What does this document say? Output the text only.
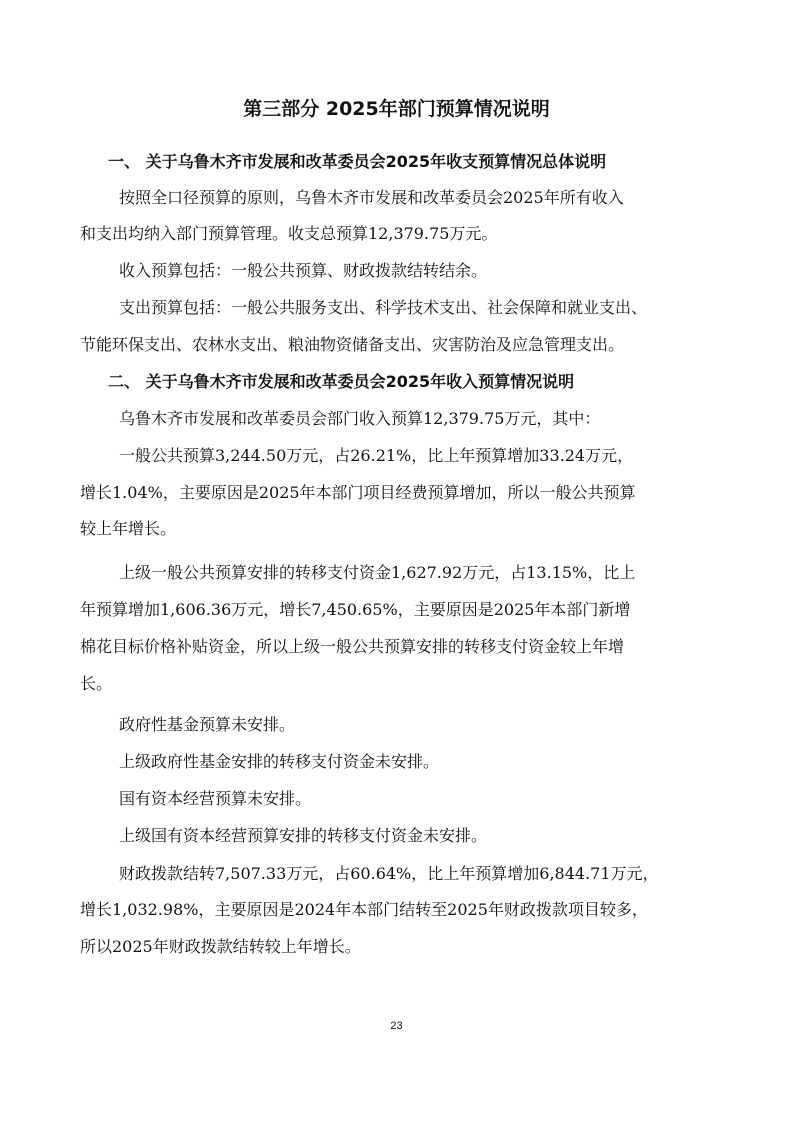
第三部分 2025年部门预算情况说明

一、 关于乌鲁木齐市发展和改革委员会2025年收支预算情况总体说明

按照全口径预算的原则，乌鲁木齐市发展和改革委员会2025年所有收入

和支出均纳入部门预算管理。收支总预算12,379.75万元。

收入预算包括：一般公共预算、财政拨款结转结余。

支出预算包括：一般公共服务支出、科学技术支出、社会保障和就业支出、

节能环保支出、农林水支出、粮油物资储备支出、灾害防治及应急管理支出。

二、 关于乌鲁木齐市发展和改革委员会2025年收入预算情况说明

乌鲁木齐市发展和改革委员会部门收入预算12,379.75万元，其中：

一般公共预算3,244.50万元，占26.21%，比上年预算增加33.24万元，

增长1.04%，主要原因是2025年本部门项目经费预算增加，所以一般公共预算

较上年增长。

上级一般公共预算安排的转移支付资金1,627.92万元，占13.15%，比上

年预算增加1,606.36万元，增长7,450.65%，主要原因是2025年本部门新增

棉花目标价格补贴资金，所以上级一般公共预算安排的转移支付资金较上年增

长。

政府性基金预算未安排。

上级政府性基金安排的转移支付资金未安排。

国有资本经营预算未安排。

上级国有资本经营预算安排的转移支付资金未安排。

财政拨款结转7,507.33万元，占60.64%，比上年预算增加6,844.71万元，

增长1,032.98%，主要原因是2024年本部门结转至2025年财政拨款项目较多，

所以2025年财政拨款结转较上年增长。

23
